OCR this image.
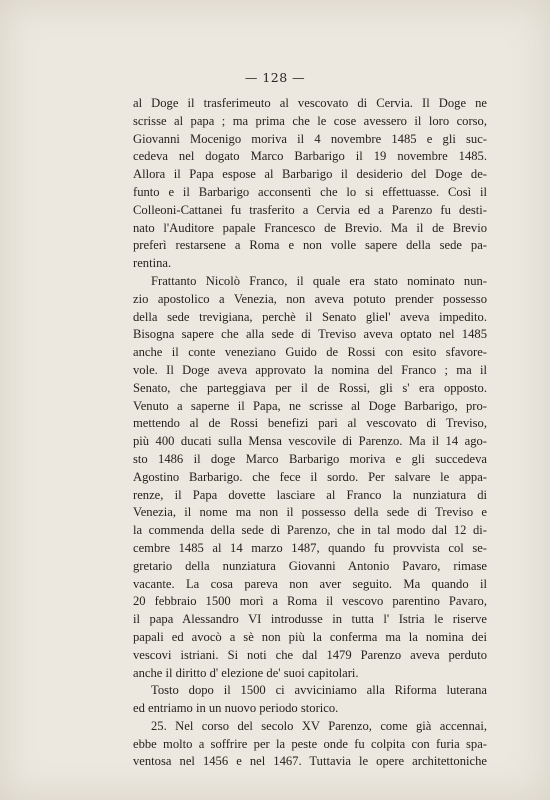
— 128 —
al Doge il trasferimeuto al vescovato di Cervia. Il Doge ne
scrisse al papa ; ma prima che le cose avessero il loro corso,
Giovanni Mocenigo moriva il 4 novembre 1485 e gli suc-
cedeva nel dogato Marco Barbarigo il 19 novembre 1485.
Allora il Papa espose al Barbarigo il desiderio del Doge de-
funto e il Barbarigo acconsentì che lo si effettuasse. Così il
Colleoni-Cattanei fu trasferito a Cervia ed a Parenzo fu desti-
nato l'Auditore papale Francesco de Brevio. Ma il de Brevio
preferì restarsene a Roma e non volle sapere della sede pa-
rentina.
Frattanto Nicolò Franco, il quale era stato nominato nun-
zio apostolico a Venezia, non aveva potuto prender possesso
della sede trevigiana, perchè il Senato gliel' aveva impedito.
Bisogna sapere che alla sede di Treviso aveva optato nel 1485
anche il conte veneziano Guido de Rossi con esito sfavore-
vole. Il Doge aveva approvato la nomina del Franco ; ma il
Senato, che parteggiava per il de Rossi, gli s' era opposto.
Venuto a saperne il Papa, ne scrisse al Doge Barbarigo, pro-
mettendo al de Rossi benefizi pari al vescovato di Treviso,
più 400 ducati sulla Mensa vescovile di Parenzo. Ma il 14 ago-
sto 1486 il doge Marco Barbarigo moriva e gli succedeva
Agostino Barbarigo. che fece il sordo. Per salvare le appa-
renze, il Papa dovette lasciare al Franco la nunziatura di
Venezia, il nome ma non il possesso della sede di Treviso e
la commenda della sede di Parenzo, che in tal modo dal 12 di-
cembre 1485 al 14 marzo 1487, quando fu provvista col se-
gretario della nunziatura Giovanni Antonio Pavaro, rimase
vacante. La cosa pareva non aver seguito. Ma quando il
20 febbraio 1500 morì a Roma il vescovo parentino Pavaro,
il papa Alessandro VI introdusse in tutta l' Istria le riserve
papali ed avocò a sè non più la conferma ma la nomina dei
vescovi istriani. Si noti che dal 1479 Parenzo aveva perduto
anche il diritto d' elezione de' suoi capitolari.
Tosto dopo il 1500 ci avviciniamo alla Riforma luterana
ed entriamo in un nuovo periodo storico.
25. Nel corso del secolo XV Parenzo, come già accennai,
ebbe molto a soffrire per la peste onde fu colpita con furia spa-
ventosa nel 1456 e nel 1467. Tuttavia le opere architettoniche
